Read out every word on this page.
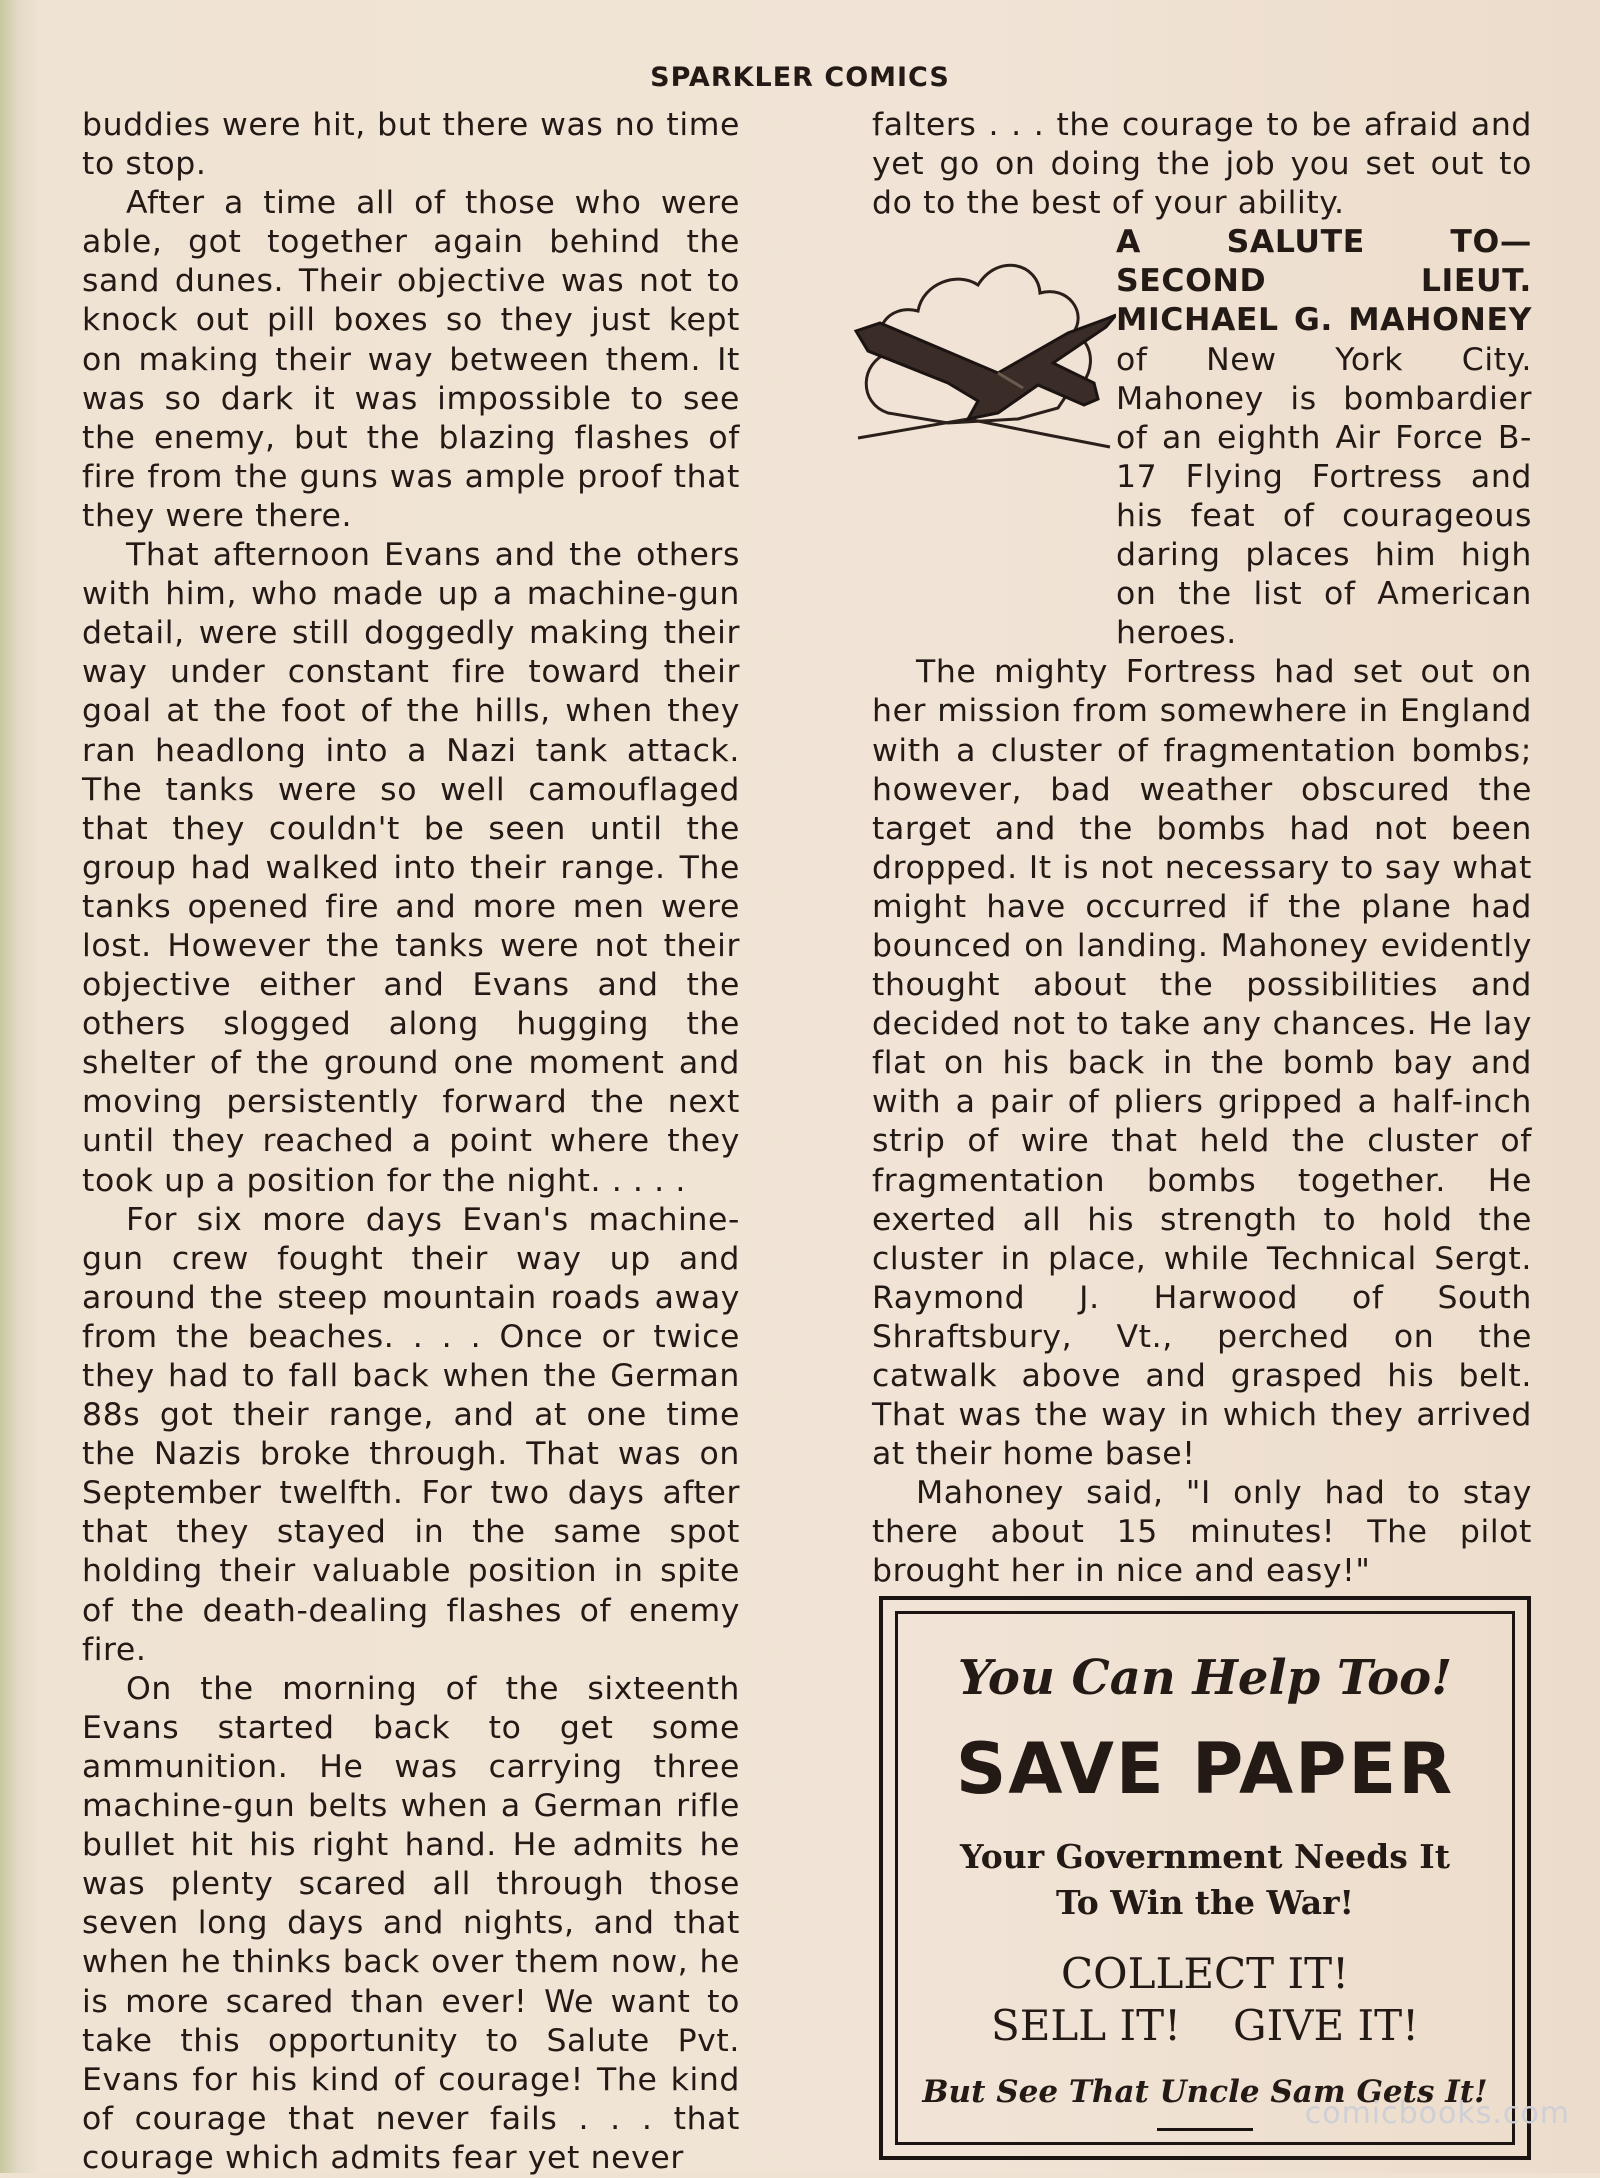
SPARKLER COMICS

buddies were hit, but there was no time to stop.

After a time all of those who were able, got together again behind the sand dunes. Their objective was not to knock out pill boxes so they just kept on making their way between them. It was so dark it was impossible to see the enemy, but the blazing flashes of fire from the guns was ample proof that they were there.

That afternoon Evans and the others with him, who made up a machine-gun detail, were still doggedly making their way under constant fire toward their goal at the foot of the hills, when they ran headlong into a Nazi tank attack. The tanks were so well camouflaged that they couldn't be seen until the group had walked into their range. The tanks opened fire and more men were lost. However the tanks were not their objective either and Evans and the others slogged along hugging the shelter of the ground one moment and moving persistently forward the next until they reached a point where they took up a position for the night. . . . .

For six more days Evan's machine-gun crew fought their way up and around the steep mountain roads away from the beaches. . . . Once or twice they had to fall back when the German 88s got their range, and at one time the Nazis broke through. That was on September twelfth. For two days after that they stayed in the same spot holding their valuable position in spite of the death-dealing flashes of enemy fire.

On the morning of the sixteenth Evans started back to get some ammunition. He was carrying three machine-gun belts when a German rifle bullet hit his right hand. He admits he was plenty scared all through those seven long days and nights, and that when he thinks back over them now, he is more scared than ever! We want to take this opportunity to Salute Pvt. Evans for his kind of courage! The kind of courage that never fails . . . that courage which admits fear yet never

falters . . . the courage to be afraid and yet go on doing the job you set out to do to the best of your ability.

A SALUTE TO—SECOND LIEUT. MICHAEL G. MAHONEY of New York City. Mahoney is bombardier of an eighth Air Force B-17 Flying Fortress and his feat of courageous daring places him high on the list of American heroes.

The mighty Fortress had set out on her mission from somewhere in England with a cluster of fragmentation bombs; however, bad weather obscured the target and the bombs had not been dropped. It is not necessary to say what might have occurred if the plane had bounced on landing. Mahoney evidently thought about the possibilities and decided not to take any chances. He lay flat on his back in the bomb bay and with a pair of pliers gripped a half-inch strip of wire that held the cluster of fragmentation bombs together. He exerted all his strength to hold the cluster in place, while Technical Sergt. Raymond J. Harwood of South Shraftsbury, Vt., perched on the catwalk above and grasped his belt. That was the way in which they arrived at their home base!

Mahoney said, "I only had to stay there about 15 minutes! The pilot brought her in nice and easy!"

You Can Help Too!
SAVE PAPER
Your Government Needs It
To Win the War!
COLLECT IT!
SELL IT! GIVE IT!
But See That Uncle Sam Gets It!
comicbooks.com
